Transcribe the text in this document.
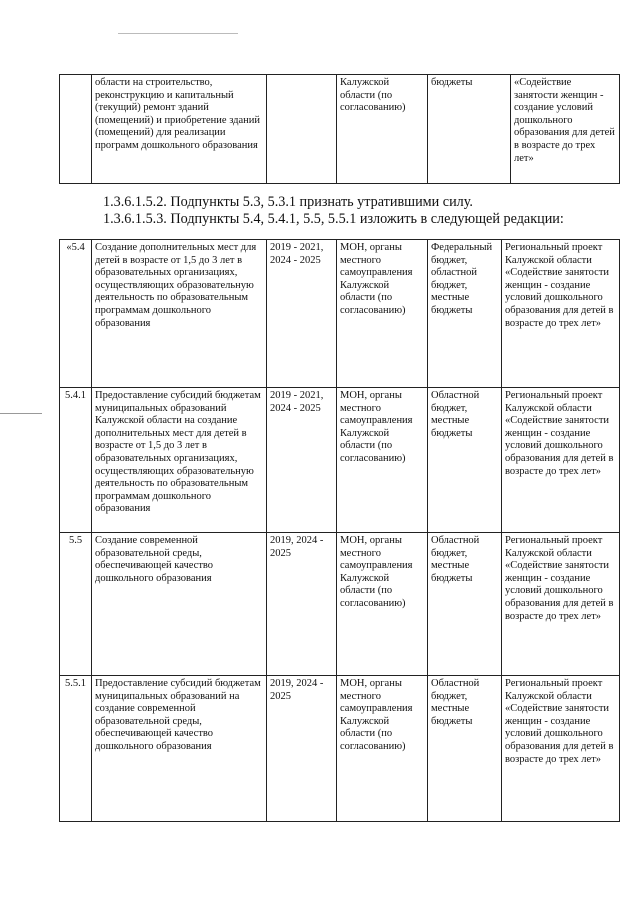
	области на строительство, реконструкцию и капитальный (текущий) ремонт зданий (помещений) и приобретение зданий (помещений) для реализации программ дошкольного образования		Калужской области (по согласованию)	бюджеты	«Содействие занятости женщин - создание условий дошкольного образования для детей в возрасте до трех лет»
1.3.6.1.5.2. Подпункты 5.3, 5.3.1 признать утратившими силу.
1.3.6.1.5.3. Подпункты 5.4, 5.4.1, 5.5, 5.5.1 изложить в следующей редакции:
«5.4	Создание дополнительных мест для детей в возрасте от 1,5 до 3 лет в образовательных организациях, осуществляющих образовательную деятельность по образовательным программам дошкольного образования	2019 - 2021, 2024 - 2025	МОН, органы местного самоуправления Калужской области (по согласованию)	Федеральный бюджет, областной бюджет, местные бюджеты	Региональный проект Калужской области «Содействие занятости женщин - создание условий дошкольного образования для детей в возрасте до трех лет»
5.4.1	Предоставление субсидий бюджетам муниципальных образований Калужской области на создание дополнительных мест для детей в возрасте от 1,5 до 3 лет в образовательных организациях, осуществляющих образовательную деятельность по образовательным программам дошкольного образования	2019 - 2021, 2024 - 2025	МОН, органы местного самоуправления Калужской области (по согласованию)	Областной бюджет, местные бюджеты	Региональный проект Калужской области «Содействие занятости женщин - создание условий дошкольного образования для детей в возрасте до трех лет»
5.5	Создание современной образовательной среды, обеспечивающей качество дошкольного образования	2019, 2024 - 2025	МОН, органы местного самоуправления Калужской области (по согласованию)	Областной бюджет, местные бюджеты	Региональный проект Калужской области «Содействие занятости женщин - создание условий дошкольного образования для детей в возрасте до трех лет»
5.5.1	Предоставление субсидий бюджетам муниципальных образований на создание современной образовательной среды, обеспечивающей качество дошкольного образования	2019, 2024 - 2025	МОН, органы местного самоуправления Калужской области (по согласованию)	Областной бюджет, местные бюджеты	Региональный проект Калужской области «Содействие занятости женщин - создание условий дошкольного образования для детей в возрасте до трех лет»
